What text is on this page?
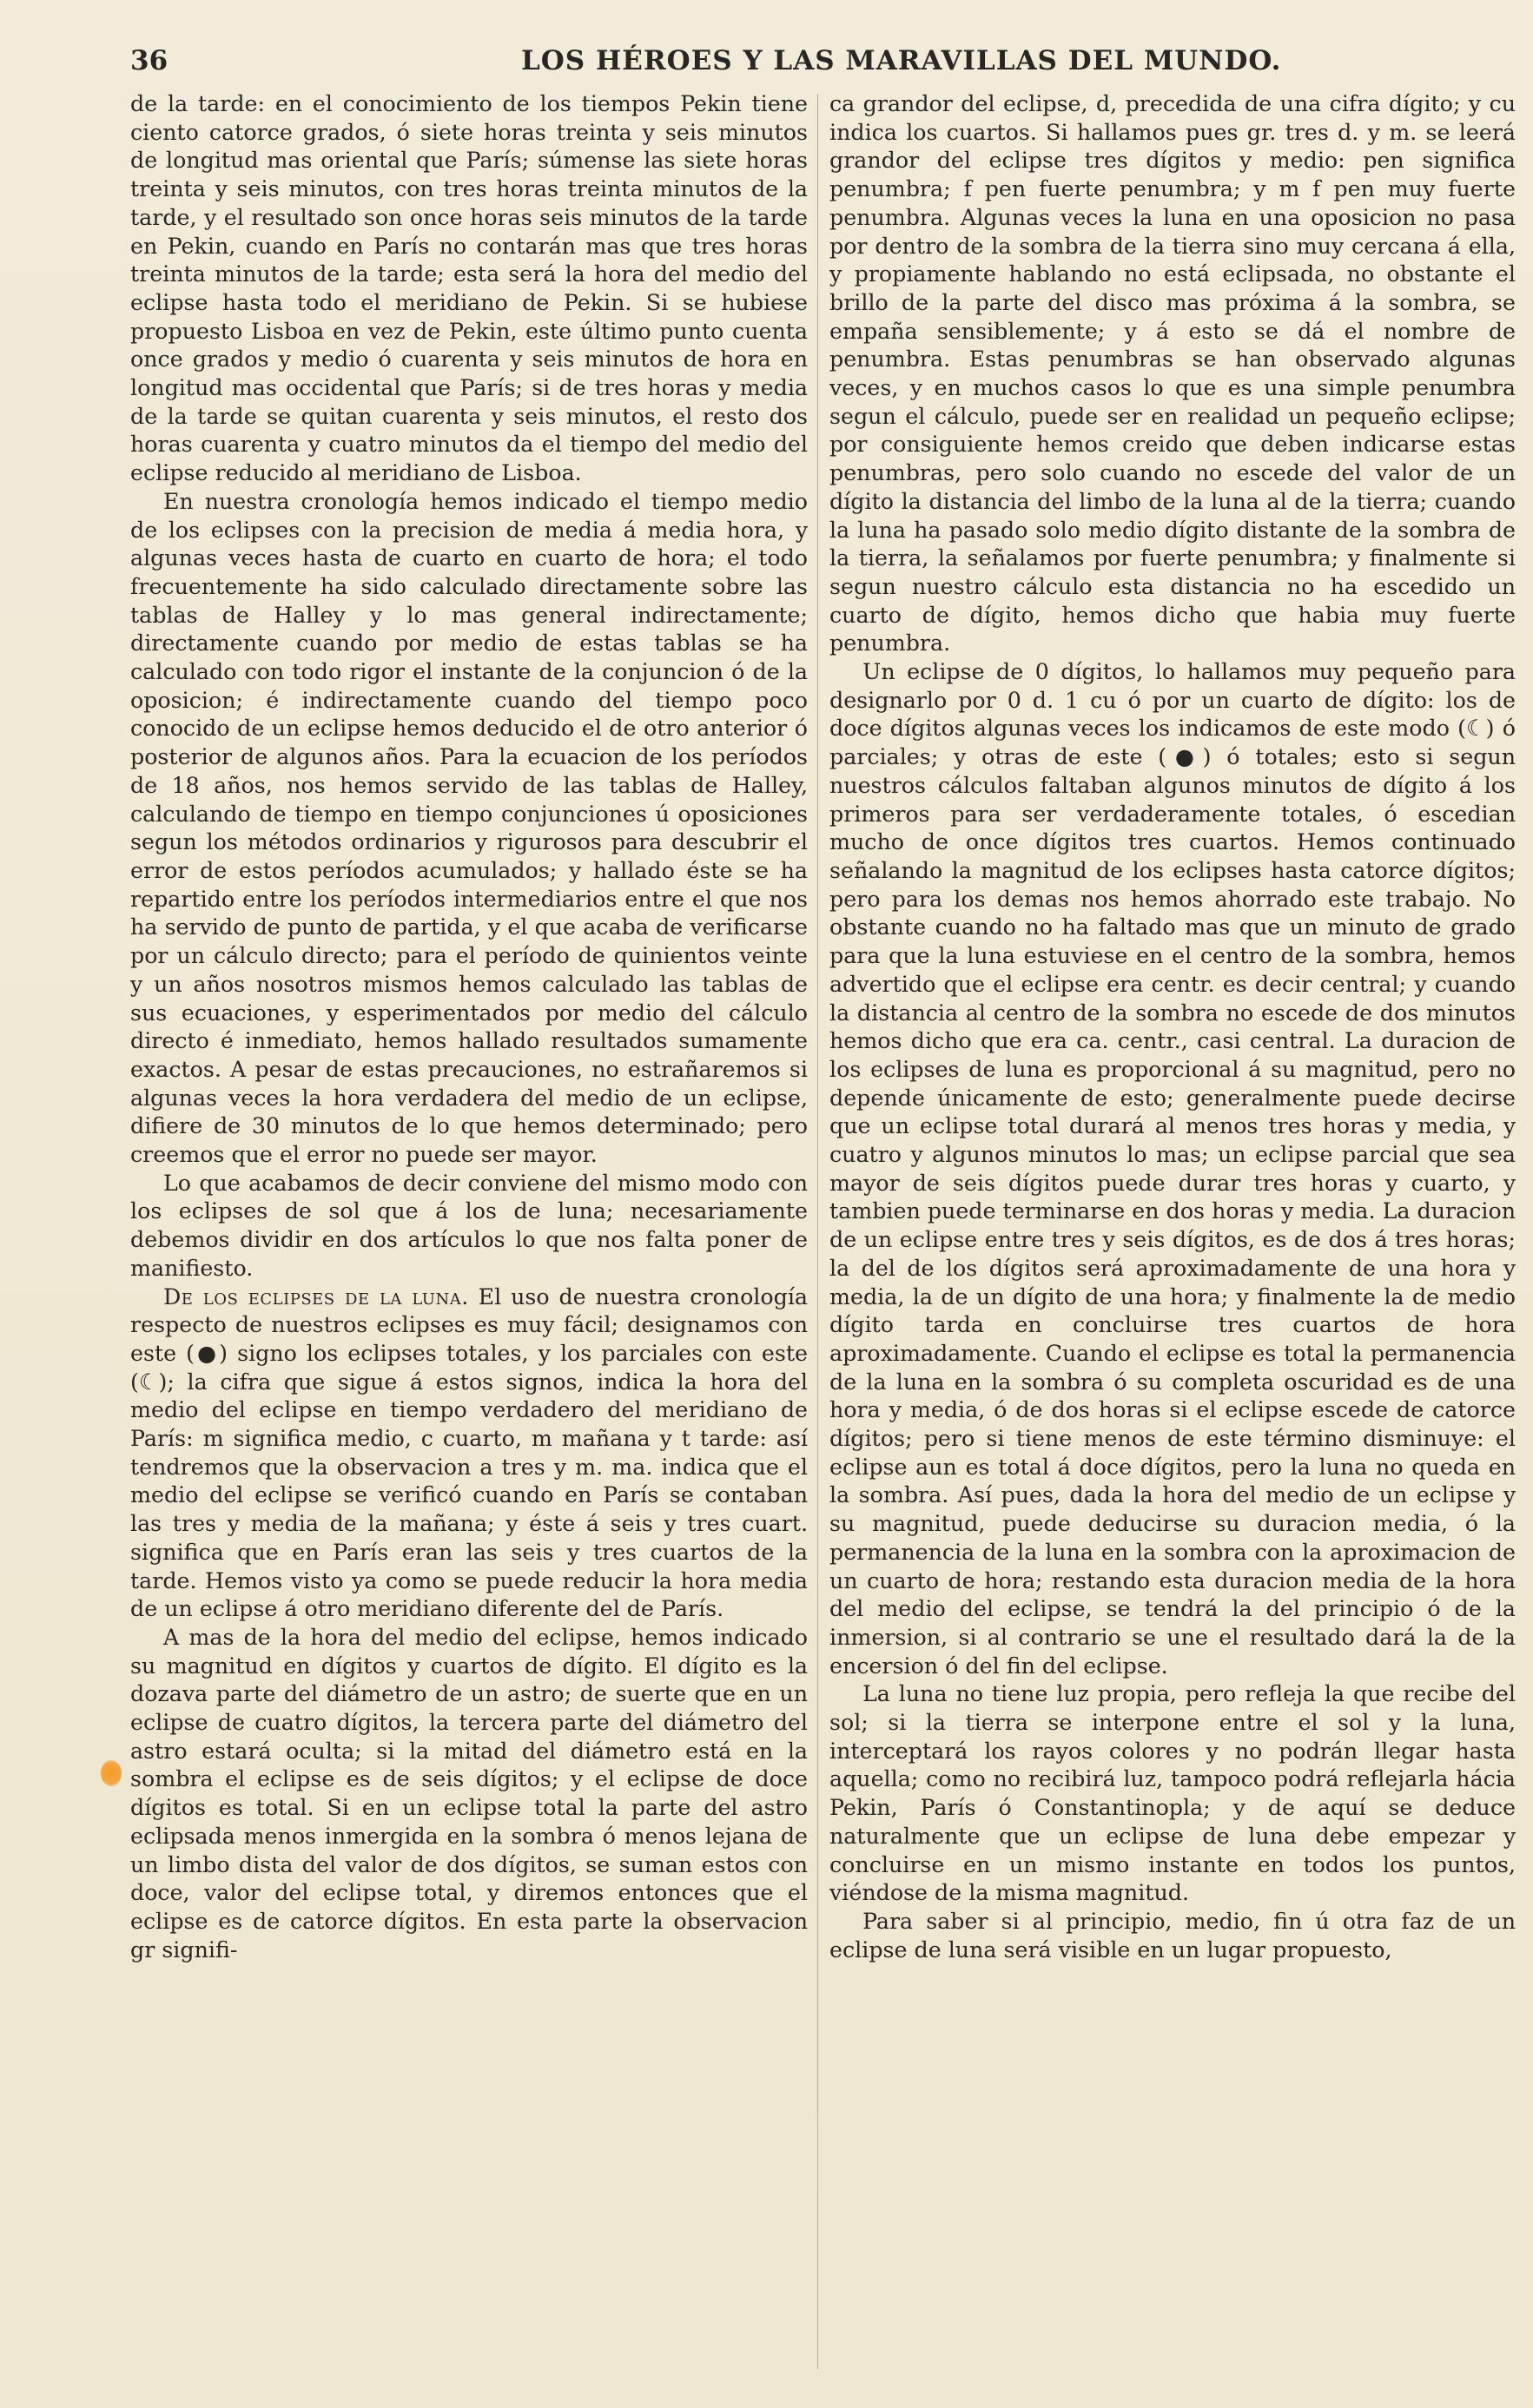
36	LOS HÉROES Y LAS MARAVILLAS DEL MUNDO.

de la tarde: en el conocimiento de los tiempos Pekin tiene ciento catorce grados, ó siete horas treinta y seis minutos de longitud mas oriental que París; súmense las siete horas treinta y seis minutos, con tres horas treinta minutos de la tarde, y el resultado son once horas seis minutos de la tarde en Pekin, cuando en París no contarán mas que tres horas treinta minutos de la tarde; esta será la hora del medio del eclipse hasta todo el meridiano de Pekin. Si se hubiese propuesto Lisboa en vez de Pekin, este último punto cuenta once grados y medio ó cuarenta y seis minutos de hora en longitud mas occidental que París; si de tres horas y media de la tarde se quitan cuarenta y seis minutos, el resto dos horas cuarenta y cuatro minutos da el tiempo del medio del eclipse reducido al meridiano de Lisboa.

En nuestra cronología hemos indicado el tiempo medio de los eclipses con la precision de media á media hora, y algunas veces hasta de cuarto en cuarto de hora; el todo frecuentemente ha sido calculado directamente sobre las tablas de Halley y lo mas general indirectamente; directamente cuando por medio de estas tablas se ha calculado con todo rigor el instante de la conjuncion ó de la oposicion; é indirectamente cuando del tiempo poco conocido de un eclipse hemos deducido el de otro anterior ó posterior de algunos años. Para la ecuacion de los períodos de 18 años, nos hemos servido de las tablas de Halley, calculando de tiempo en tiempo conjunciones ú oposiciones segun los métodos ordinarios y rigurosos para descubrir el error de estos períodos acumulados; y hallado éste se ha repartido entre los períodos intermediarios entre el que nos ha servido de punto de partida, y el que acaba de verificarse por un cálculo directo; para el período de quinientos veinte y un años nosotros mismos hemos calculado las tablas de sus ecuaciones, y esperimentados por medio del cálculo directo é inmediato, hemos hallado resultados sumamente exactos. A pesar de estas precauciones, no estrañaremos si algunas veces la hora verdadera del medio de un eclipse, difiere de 30 minutos de lo que hemos determinado; pero creemos que el error no puede ser mayor.

Lo que acabamos de decir conviene del mismo modo con los eclipses de sol que á los de luna; necesariamente debemos dividir en dos artículos lo que nos falta poner de manifiesto.

De los eclipses de la luna. El uso de nuestra cronología respecto de nuestros eclipses es muy fácil; designamos con este (●) signo los eclipses totales, y los parciales con este (☾); la cifra que sigue á estos signos, indica la hora del medio del eclipse en tiempo verdadero del meridiano de París: m significa medio, c cuarto, m mañana y t tarde: así tendremos que la observacion a tres y m. ma. indica que el medio del eclipse se verificó cuando en París se contaban las tres y media de la mañana; y éste á seis y tres cuart. significa que en París eran las seis y tres cuartos de la tarde. Hemos visto ya como se puede reducir la hora media de un eclipse á otro meridiano diferente del de París.

A mas de la hora del medio del eclipse, hemos indicado su magnitud en dígitos y cuartos de dígito. El dígito es la dozava parte del diámetro de un astro; de suerte que en un eclipse de cuatro dígitos, la tercera parte del diámetro del astro estará oculta; si la mitad del diámetro está en la sombra el eclipse es de seis dígitos; y el eclipse de doce dígitos es total. Si en un eclipse total la parte del astro eclipsada menos inmergida en la sombra ó menos lejana de un limbo dista del valor de dos dígitos, se suman estos con doce, valor del eclipse total, y diremos entonces que el eclipse es de catorce dígitos. En esta parte la observacion gr signifi-

ca grandor del eclipse, d, precedida de una cifra dígito; y cu indica los cuartos. Si hallamos pues gr. tres d. y m. se leerá grandor del eclipse tres dígitos y medio: pen significa penumbra; f pen fuerte penumbra; y m f pen muy fuerte penumbra. Algunas veces la luna en una oposicion no pasa por dentro de la sombra de la tierra sino muy cercana á ella, y propiamente hablando no está eclipsada, no obstante el brillo de la parte del disco mas próxima á la sombra, se empaña sensiblemente; y á esto se dá el nombre de penumbra. Estas penumbras se han observado algunas veces, y en muchos casos lo que es una simple penumbra segun el cálculo, puede ser en realidad un pequeño eclipse; por consiguiente hemos creido que deben indicarse estas penumbras, pero solo cuando no escede del valor de un dígito la distancia del limbo de la luna al de la tierra; cuando la luna ha pasado solo medio dígito distante de la sombra de la tierra, la señalamos por fuerte penumbra; y finalmente si segun nuestro cálculo esta distancia no ha escedido un cuarto de dígito, hemos dicho que habia muy fuerte penumbra.

Un eclipse de 0 dígitos, lo hallamos muy pequeño para designarlo por 0 d. 1 cu ó por un cuarto de dígito: los de doce dígitos algunas veces los indicamos de este modo (☾) ó parciales; y otras de este (●) ó totales; esto si segun nuestros cálculos faltaban algunos minutos de dígito á los primeros para ser verdaderamente totales, ó escedian mucho de once dígitos tres cuartos. Hemos continuado señalando la magnitud de los eclipses hasta catorce dígitos; pero para los demas nos hemos ahorrado este trabajo. No obstante cuando no ha faltado mas que un minuto de grado para que la luna estuviese en el centro de la sombra, hemos advertido que el eclipse era centr. es decir central; y cuando la distancia al centro de la sombra no escede de dos minutos hemos dicho que era ca. centr., casi central. La duracion de los eclipses de luna es proporcional á su magnitud, pero no depende únicamente de esto; generalmente puede decirse que un eclipse total durará al menos tres horas y media, y cuatro y algunos minutos lo mas; un eclipse parcial que sea mayor de seis dígitos puede durar tres horas y cuarto, y tambien puede terminarse en dos horas y media. La duracion de un eclipse entre tres y seis dígitos, es de dos á tres horas; la del de los dígitos será aproximadamente de una hora y media, la de un dígito de una hora; y finalmente la de medio dígito tarda en concluirse tres cuartos de hora aproximadamente. Cuando el eclipse es total la permanencia de la luna en la sombra ó su completa oscuridad es de una hora y media, ó de dos horas si el eclipse escede de catorce dígitos; pero si tiene menos de este término disminuye: el eclipse aun es total á doce dígitos, pero la luna no queda en la sombra. Así pues, dada la hora del medio de un eclipse y su magnitud, puede deducirse su duracion media, ó la permanencia de la luna en la sombra con la aproximacion de un cuarto de hora; restando esta duracion media de la hora del medio del eclipse, se tendrá la del principio ó de la inmersion, si al contrario se une el resultado dará la de la encersion ó del fin del eclipse.

La luna no tiene luz propia, pero refleja la que recibe del sol; si la tierra se interpone entre el sol y la luna, interceptará los rayos colores y no podrán llegar hasta aquella; como no recibirá luz, tampoco podrá reflejarla hácia Pekin, París ó Constantinopla; y de aquí se deduce naturalmente que un eclipse de luna debe empezar y concluirse en un mismo instante en todos los puntos, viéndose de la misma magnitud.

Para saber si al principio, medio, fin ú otra faz de un eclipse de luna será visible en un lugar propuesto,
